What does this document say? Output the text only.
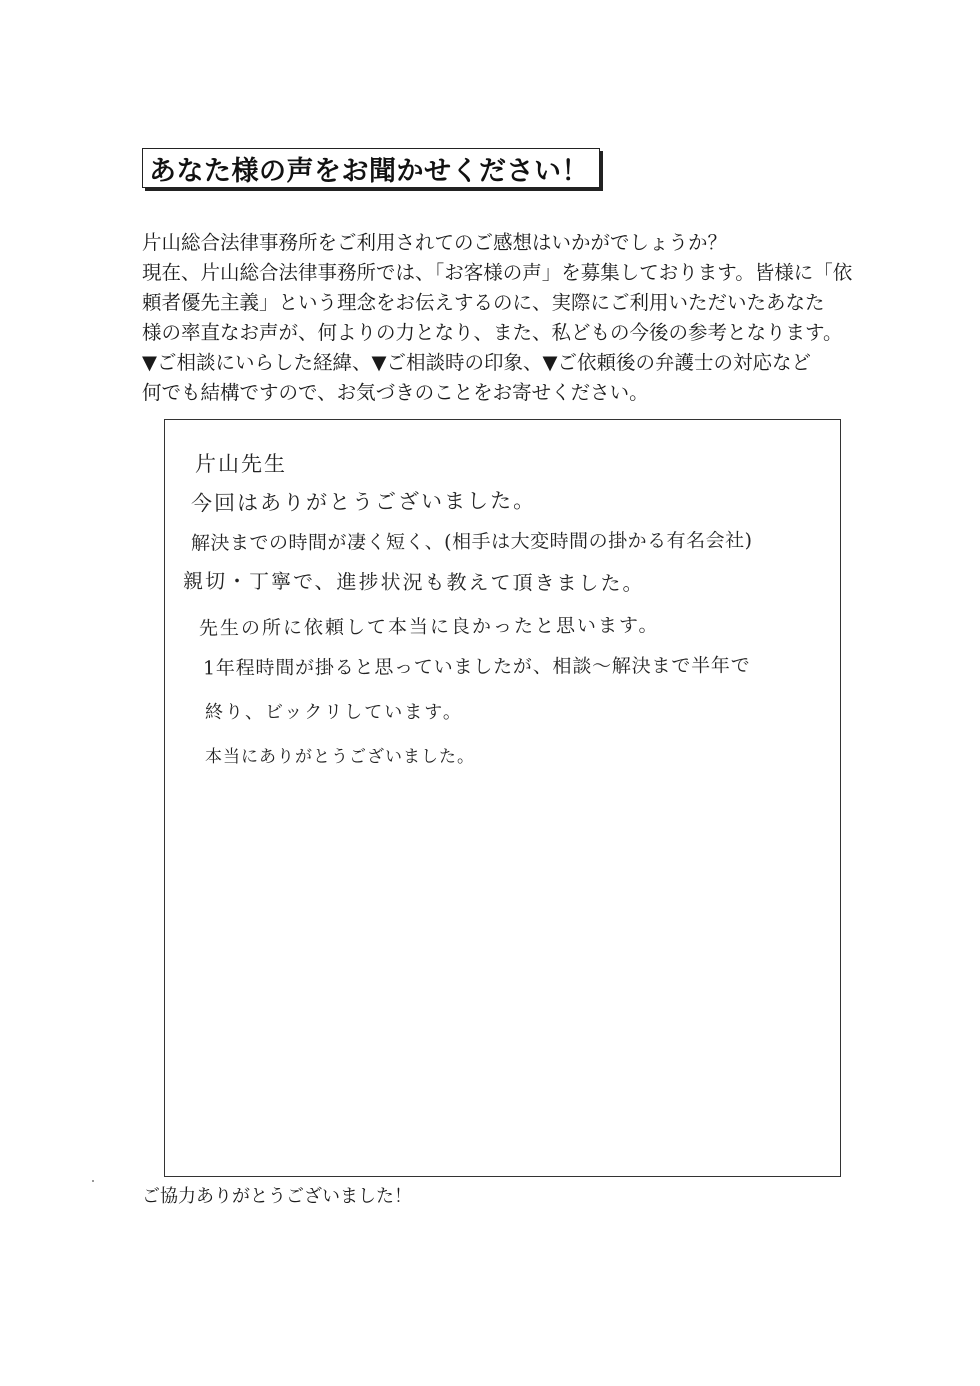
あなた様の声をお聞かせください！
片山総合法律事務所をご利用されてのご感想はいかがでしょうか？
現在、片山総合法律事務所では、「お客様の声」を募集しております。皆様に「依
頼者優先主義」という理念をお伝えするのに、実際にご利用いただいたあなた
様の率直なお声が、何よりの力となり、また、私どもの今後の参考となります。
▼ご相談にいらした経緯、▼ご相談時の印象、▼ご依頼後の弁護士の対応など
何でも結構ですので、お気づきのことをお寄せください。
片山先生
今回はありがとうございました。
解決までの時間が凄く短く、(相手は大変時間の掛かる有名会社)
親切・丁寧で、進捗状況も教えて頂きました。
先生の所に依頼して本当に良かったと思います。
1年程時間が掛ると思っていましたが、相談〜解決まで半年で
終り、ビックリしています。
本当にありがとうございました。
ご協力ありがとうございました！
